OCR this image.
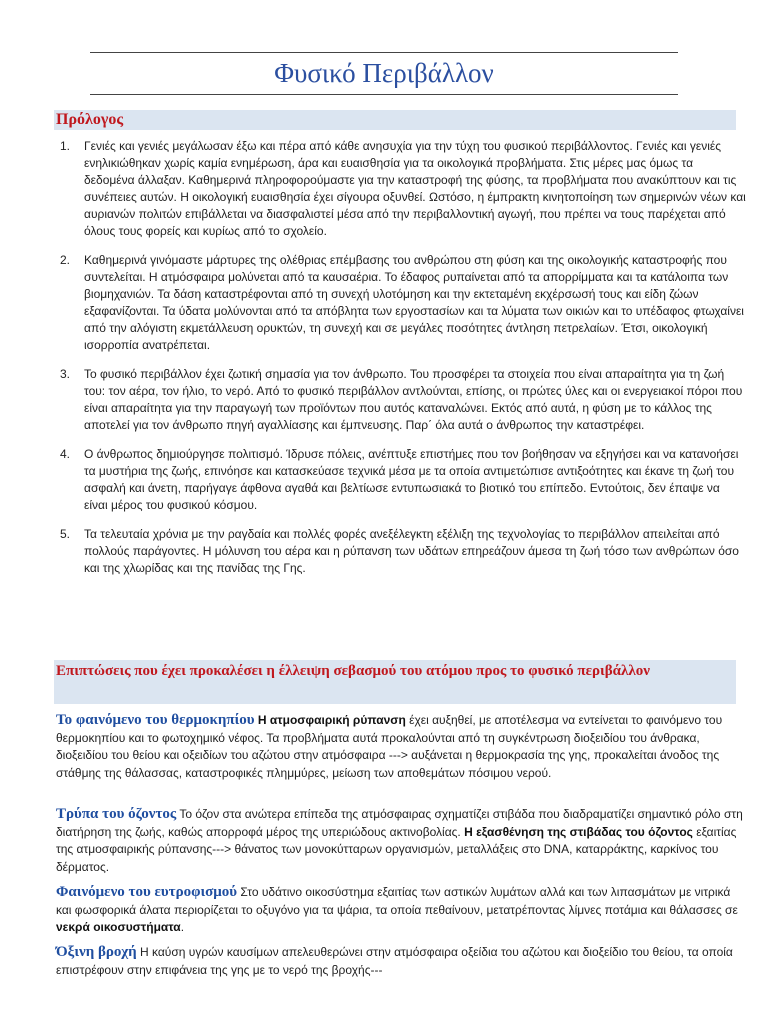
Φυσικό Περιβάλλον
Πρόλογος
1. Γενιές και γενιές μεγάλωσαν έξω και πέρα από κάθε ανησυχία για την τύχη του φυσικού περιβάλλοντος. Γενιές και γενιές ενηλικιώθηκαν χωρίς καμία ενημέρωση, άρα και ευαισθησία για τα οικολογικά προβλήματα. Στις μέρες μας όμως τα δεδομένα άλλαξαν. Καθημερινά πληροφορούμαστε για την καταστροφή της φύσης, τα προβλήματα που ανακύπτουν και τις συνέπειες αυτών. Η οικολογική ευαισθησία έχει σίγουρα οξυνθεί. Ωστόσο, η έμπρακτη κινητοποίηση των σημερινών νέων και αυριανών πολιτών επιβάλλεται να διασφαλιστεί μέσα από την περιβαλλοντική αγωγή, που πρέπει να τους παρέχεται από όλους τους φορείς και κυρίως από το σχολείο.
2. Καθημερινά γινόμαστε μάρτυρες της ολέθριας επέμβασης του ανθρώπου στη φύση και της οικολογικής καταστροφής που συντελείται. Η ατμόσφαιρα μολύνεται από τα καυσαέρια. Το έδαφος ρυπαίνεται από τα απορρίμματα και τα κατάλοιπα των βιομηχανιών. Τα δάση καταστρέφονται από τη συνεχή υλοτόμηση και την εκτεταμένη εκχέρσωσή τους και είδη ζώων εξαφανίζονται. Τα ύδατα μολύνονται από τα απόβλητα των εργοστασίων και τα λύματα των οικιών και το υπέδαφος φτωχαίνει από την αλόγιστη εκμετάλλευση ορυκτών, τη συνεχή και σε μεγάλες ποσότητες άντληση πετρελαίων. Έτσι, οικολογική ισορροπία ανατρέπεται.
3. Το φυσικό περιβάλλον έχει ζωτική σημασία για τον άνθρωπο. Του προσφέρει τα στοιχεία που είναι απαραίτητα για τη ζωή του: τον αέρα, τον ήλιο, το νερό. Από το φυσικό περιβάλλον αντλούνται, επίσης, οι πρώτες ύλες και οι ενεργειακοί πόροι που είναι απαραίτητα για την παραγωγή των προϊόντων που αυτός καταναλώνει. Εκτός από αυτά, η φύση με το κάλλος της αποτελεί για τον άνθρωπο πηγή αγαλλίασης και έμπνευσης. Παρ΄ όλα αυτά ο άνθρωπος την καταστρέφει.
4. Ο άνθρωπος δημιούργησε πολιτισμό. Ίδρυσε πόλεις, ανέπτυξε επιστήμες που τον βοήθησαν να εξηγήσει και να κατανοήσει τα μυστήρια της ζωής, επινόησε και κατασκεύασε τεχνικά μέσα με τα οποία αντιμετώπισε αντιξοότητες και έκανε τη ζωή του ασφαλή και άνετη, παρήγαγε άφθονα αγαθά και βελτίωσε εντυπωσιακά το βιοτικό του επίπεδο. Εντούτοις, δεν έπαψε να είναι μέρος του φυσικού κόσμου.
5. Τα τελευταία χρόνια με την ραγδαία και πολλές φορές ανεξέλεγκτη εξέλιξη της τεχνολογίας το περιβάλλον απειλείται από πολλούς παράγοντες. Η μόλυνση του αέρα και η ρύπανση των υδάτων επηρεάζουν άμεσα τη ζωή τόσο των ανθρώπων όσο και της χλωρίδας και της πανίδας της Γης.
Επιπτώσεις που έχει προκαλέσει η έλλειψη σεβασμού του ατόμου προς το φυσικό περιβάλλον

Το φαινόμενο του θερμοκηπίου Η ατμοσφαιρική ρύπανση έχει αυξηθεί, με αποτέλεσμα να εντείνεται το φαινόμενο του θερμοκηπίου και το φωτοχημικό νέφος. Τα προβλήματα αυτά προκαλούνται από τη συγκέντρωση διοξειδίου του άνθρακα, διοξειδίου του θείου και οξειδίων του αζώτου στην ατμόσφαιρα ---> αυξάνεται η θερμοκρασία της γης, προκαλείται άνοδος της στάθμης της θάλασσας, καταστροφικές πλημμύρες, μείωση των αποθεμάτων πόσιμου νερού.

Τρύπα του όζοντος Το όζον στα ανώτερα επίπεδα της ατμόσφαιρας σχηματίζει στιβάδα που διαδραματίζει σημαντικό ρόλο στη διατήρηση της ζωής, καθώς απορροφά μέρος της υπεριώδους ακτινοβολίας. Η εξασθένηση της στιβάδας του όζοντος εξαιτίας της ατμοσφαιρικής ρύπανσης---> θάνατος των μονοκύτταρων οργανισμών, μεταλλάξεις στο DNA, καταρράκτης, καρκίνος του δέρματος.

Φαινόμενο του ευτροφισμού Στο υδάτινο οικοσύστημα εξαιτίας των αστικών λυμάτων αλλά και των λιπασμάτων με νιτρικά και φωσφορικά άλατα περιορίζεται το οξυγόνο για τα ψάρια, τα οποία πεθαίνουν, μετατρέποντας λίμνες ποτάμια και θάλασσες σε νεκρά οικοσυστήματα.

Όξινη βροχή Η καύση υγρών καυσίμων απελευθερώνει στην ατμόσφαιρα οξείδια του αζώτου και διοξείδιο του θείου, τα οποία επιστρέφουν στην επιφάνεια της γης με το νερό της βροχής---
